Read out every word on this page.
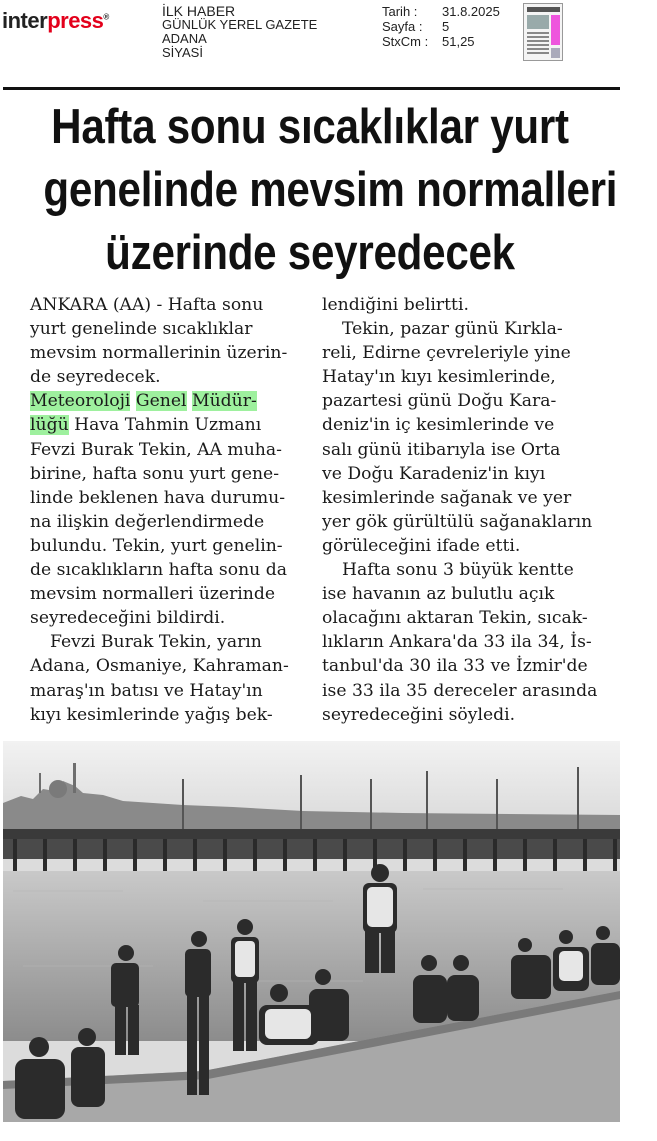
interpress®	İLK HABER
GÜNLÜK YEREL GAZETE
ADANA
SİYASİ
Tarih :	31.8.2025
Sayfa :	5
StxCm :	51,25
Hafta sonu sıcaklıklar yurt
genelinde mevsim normalleri
üzerinde seyredecek
ANKARA (AA) - Hafta sonu
yurt genelinde sıcaklıklar
mevsim normallerinin üzerin-
de seyredecek.
Meteoroloji Genel Müdür-
lüğü Hava Tahmin Uzmanı
Fevzi Burak Tekin, AA muha-
birine, hafta sonu yurt gene-
linde beklenen hava durumu-
na ilişkin değerlendirmede
bulundu. Tekin, yurt genelin-
de sıcaklıkların hafta sonu da
mevsim normalleri üzerinde
seyredeceğini bildirdi.
Fevzi Burak Tekin, yarın
Adana, Osmaniye, Kahraman-
maraş'ın batısı ve Hatay'ın
kıyı kesimlerinde yağış bek-
lendiğini belirtti.
Tekin, pazar günü Kırkla-
reli, Edirne çevreleriyle yine
Hatay'ın kıyı kesimlerinde,
pazartesi günü Doğu Kara-
deniz'in iç kesimlerinde ve
salı günü itibarıyla ise Orta
ve Doğu Karadeniz'in kıyı
kesimlerinde sağanak ve yer
yer gök gürültülü sağanakların
görüleceğini ifade etti.
Hafta sonu 3 büyük kentte
ise havanın az bulutlu açık
olacağını aktaran Tekin, sıcak-
lıkların Ankara'da 33 ila 34, İs-
tanbul'da 30 ila 33 ve İzmir'de
ise 33 ila 35 dereceler arasında
seyredeceğini söyledi.
